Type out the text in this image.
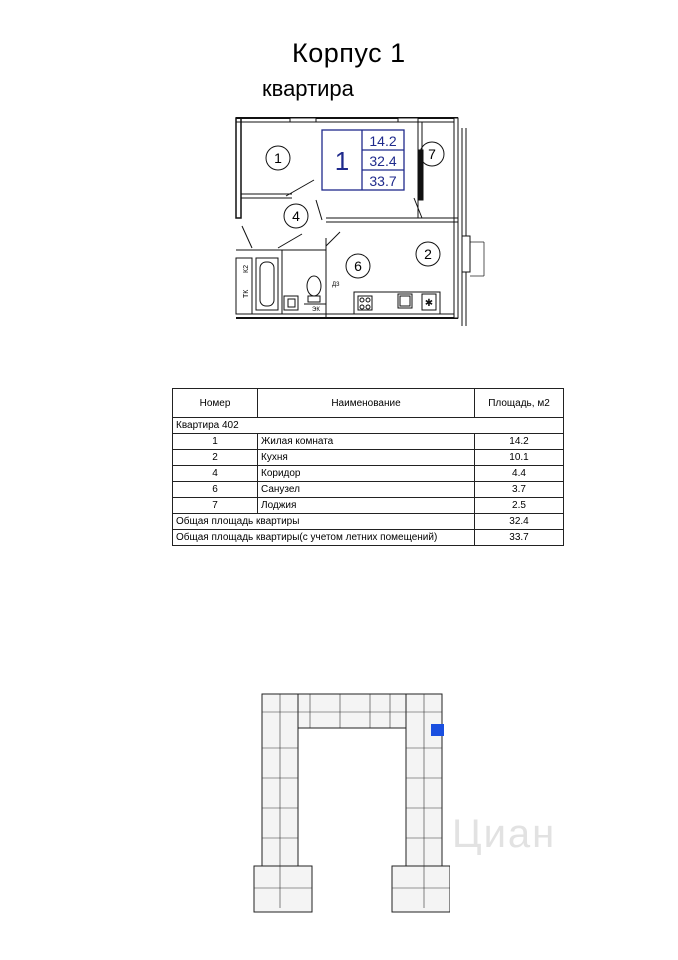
Корпус 1
квартира
✱
К2
ТК
Д3
ЭК
1
2
4
6
7
1
14.2
32.4
33.7
Номер	Наименование	Площадь, м2
Квартира 402		
1	Жилая комната	14.2
2	Кухня	10.1
4	Коридор	4.4
6	Санузел	3.7
7	Лоджия	2.5
Общая площадь квартиры		32.4
Общая площадь квартиры(с учетом летних помещений)		33.7
Циан
